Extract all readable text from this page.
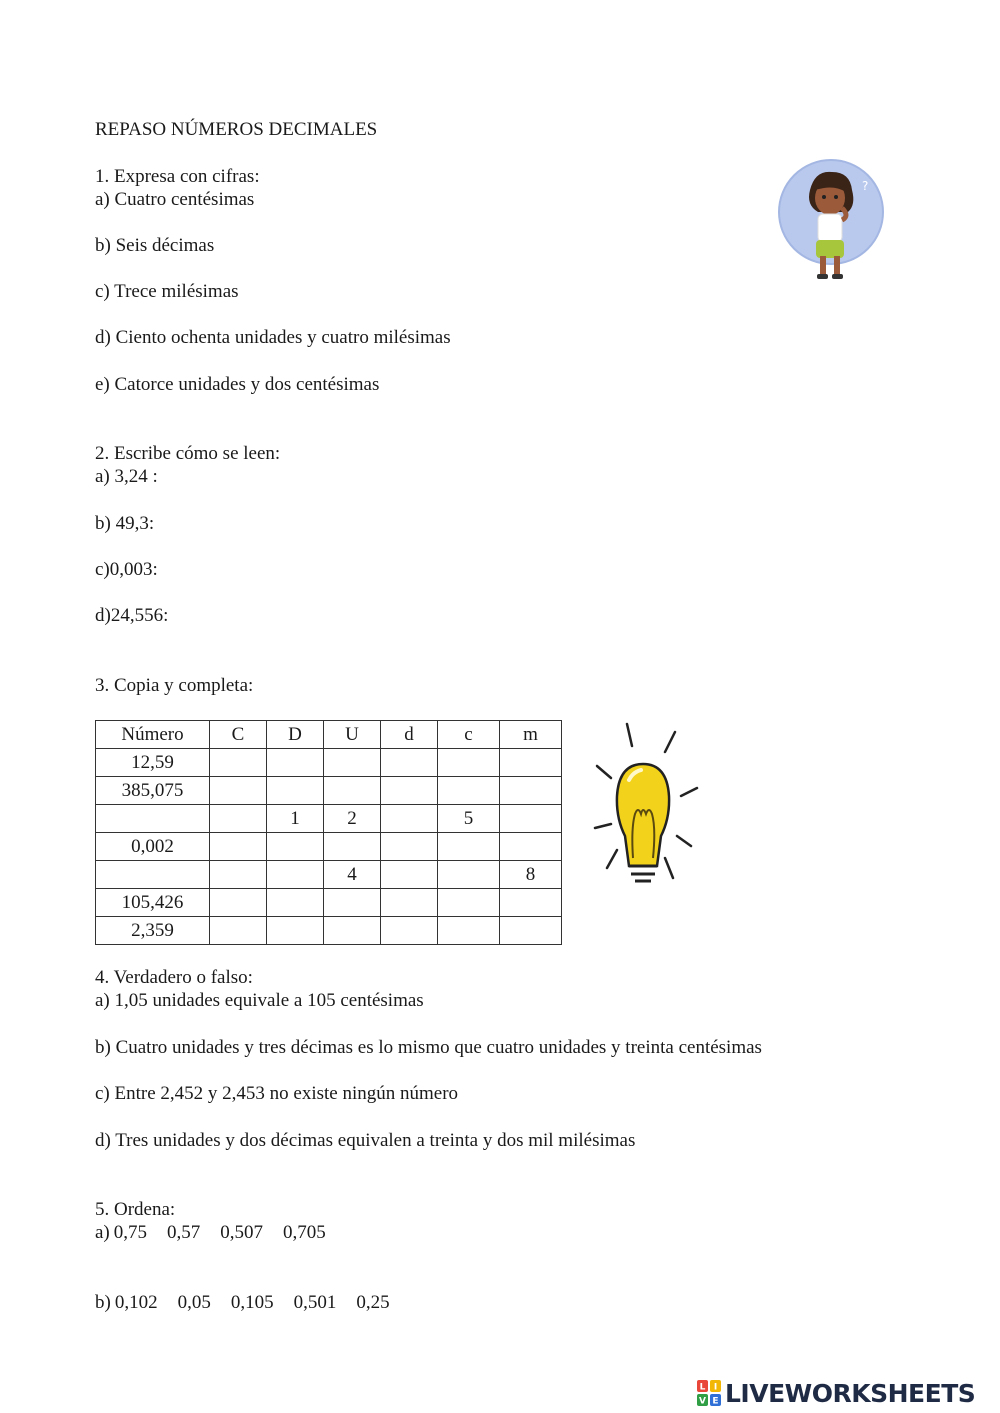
REPASO NÚMEROS DECIMALES
1. Expresa con cifras:
a) Cuatro centésimas
b) Seis décimas
c) Trece milésimas
d) Ciento ochenta unidades y cuatro milésimas
e) Catorce unidades y dos centésimas
?
2. Escribe cómo se leen:
a) 3,24 :
b) 49,3:
c)0,003:
d)24,556:
3. Copia y completa:
Número	C	D	U	d	c	m
12,59						
385,075						
		1	2		5	
0,002						
			4			8
105,426						
2,359						
4. Verdadero o falso:
a) 1,05 unidades equivale a 105 centésimas
b) Cuatro unidades y tres décimas es lo mismo que cuatro unidades y treinta centésimas
c) Entre 2,452 y 2,453 no existe ningún número
d) Tres unidades y dos décimas equivalen a treinta y dos mil milésimas
5. Ordena:
a) 0,75 0,57 0,507 0,705
b) 0,102 0,05 0,105 0,501 0,25
L I
V E LIVEWORKSHEETS
